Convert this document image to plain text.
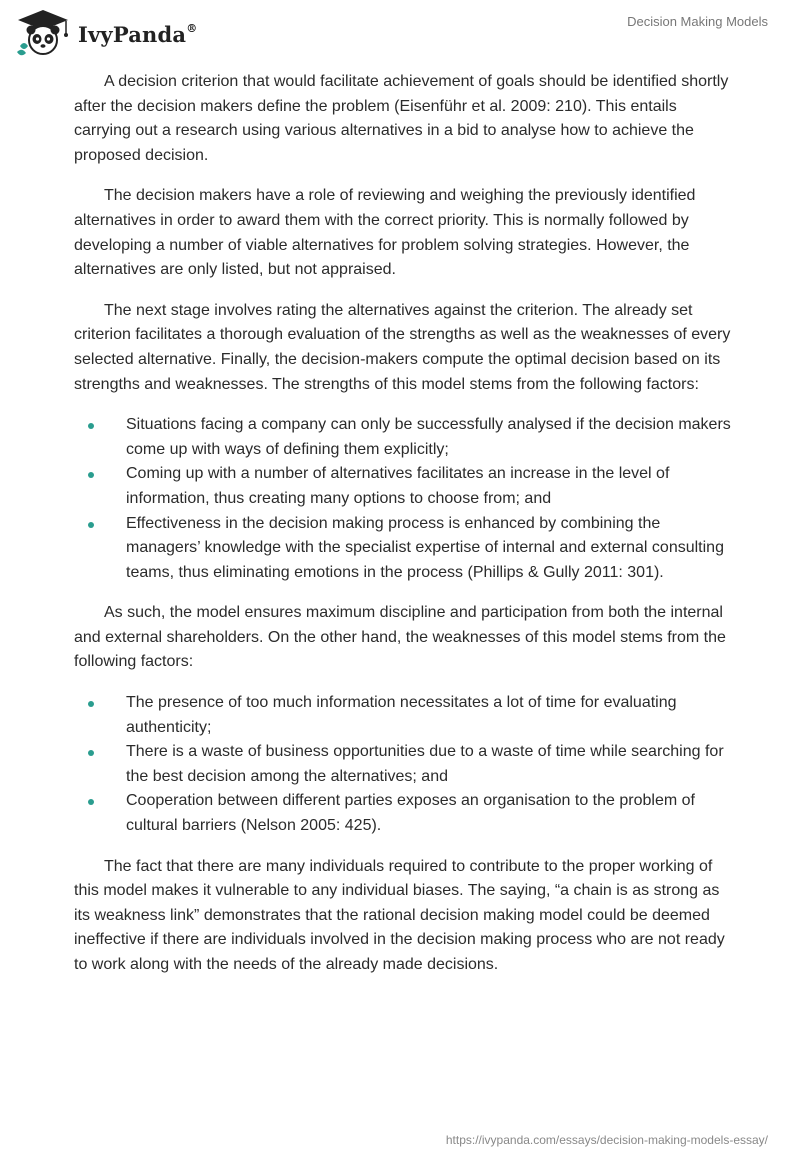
IvyPanda®	Decision Making Models

A decision criterion that would facilitate achievement of goals should be identified shortly after the decision makers define the problem (Eisenführ et al. 2009: 210). This entails carrying out a research using various alternatives in a bid to analyse how to achieve the proposed decision.

The decision makers have a role of reviewing and weighing the previously identified alternatives in order to award them with the correct priority. This is normally followed by developing a number of viable alternatives for problem solving strategies. However, the alternatives are only listed, but not appraised.

The next stage involves rating the alternatives against the criterion. The already set criterion facilitates a thorough evaluation of the strengths as well as the weaknesses of every selected alternative. Finally, the decision-makers compute the optimal decision based on its strengths and weaknesses. The strengths of this model stems from the following factors:

Situations facing a company can only be successfully analysed if the decision makers come up with ways of defining them explicitly;
Coming up with a number of alternatives facilitates an increase in the level of information, thus creating many options to choose from; and
Effectiveness in the decision making process is enhanced by combining the managers’ knowledge with the specialist expertise of internal and external consulting teams, thus eliminating emotions in the process (Phillips & Gully 2011: 301).

As such, the model ensures maximum discipline and participation from both the internal and external shareholders. On the other hand, the weaknesses of this model stems from the following factors:

The presence of too much information necessitates a lot of time for evaluating authenticity;
There is a waste of business opportunities due to a waste of time while searching for the best decision among the alternatives; and
Cooperation between different parties exposes an organisation to the problem of cultural barriers (Nelson 2005: 425).

The fact that there are many individuals required to contribute to the proper working of this model makes it vulnerable to any individual biases. The saying, “a chain is as strong as its weakness link” demonstrates that the rational decision making model could be deemed ineffective if there are individuals involved in the decision making process who are not ready to work along with the needs of the already made decisions.

https://ivypanda.com/essays/decision-making-models-essay/
